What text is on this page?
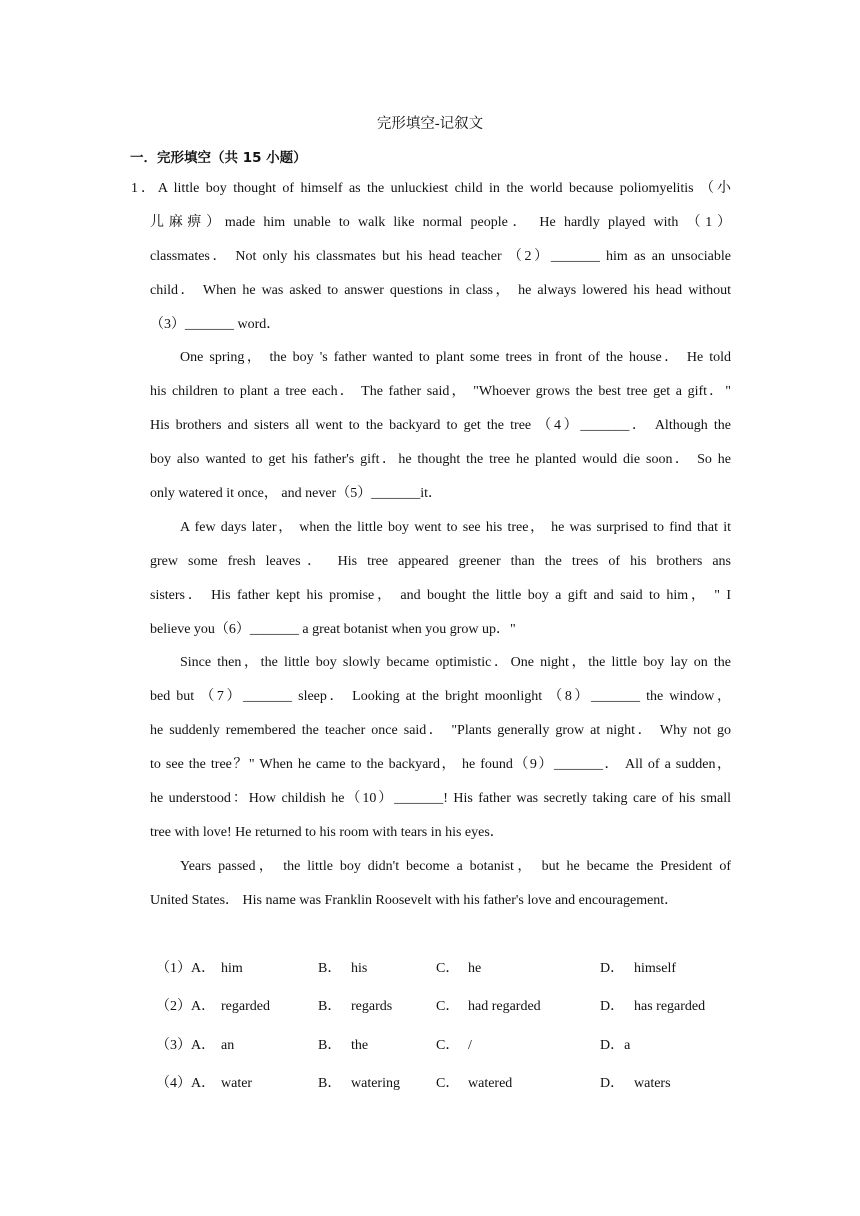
完形填空-记叙文
一．完形填空（共 15 小题）
1．A little boy thought of himself as the unluckiest child in the world because poliomyelitis （小
儿麻痹）made him unable to walk like normal people． He hardly played with （1）
classmates． Not only his classmates but his head teacher （2）_______ him as an unsociable
child． When he was asked to answer questions in class， he always lowered his head without
（3）_______ word．
One spring， the boy 's father wanted to plant some trees in front of the house． He told
his children to plant a tree each． The father said， "Whoever grows the best tree get a gift．"
His brothers and sisters all went to the backyard to get the tree （4）_______． Although the
boy also wanted to get his father's gift．he thought the tree he planted would die soon． So he
only watered it once， and never（5）_______it．
A few days later， when the little boy went to see his tree， he was surprised to find that it
grew some fresh leaves． His tree appeared greener than the trees of his brothers ans
sisters． His father kept his promise， and bought the little boy a gift and said to him， " I
believe you（6）_______ a great botanist when you grow up．"
Since then，the little boy slowly became optimistic．One night，the little boy lay on the
bed but （7）_______ sleep． Looking at the bright moonlight （8）_______ the window，
he suddenly remembered the teacher once said． "Plants generally grow at night． Why not go
to see the tree？" When he came to the backyard， he found（9）_______． All of a sudden，
he understood：How childish he（10）_______! His father was secretly taking care of his small
tree with love! He returned to his room with tears in his eyes．
Years passed， the little boy didn't become a botanist， but he became the President of
United States． His name was Franklin Roosevelt with his father's love and encouragement．
（1）A． him	B． his	C． he	D． himself
（2）A． regarded	B． regards	C． had regarded	D． has regarded
（3）A． an	B． the	C． /	D．a
（4）A． water	B． watering	C． watered	D． waters
